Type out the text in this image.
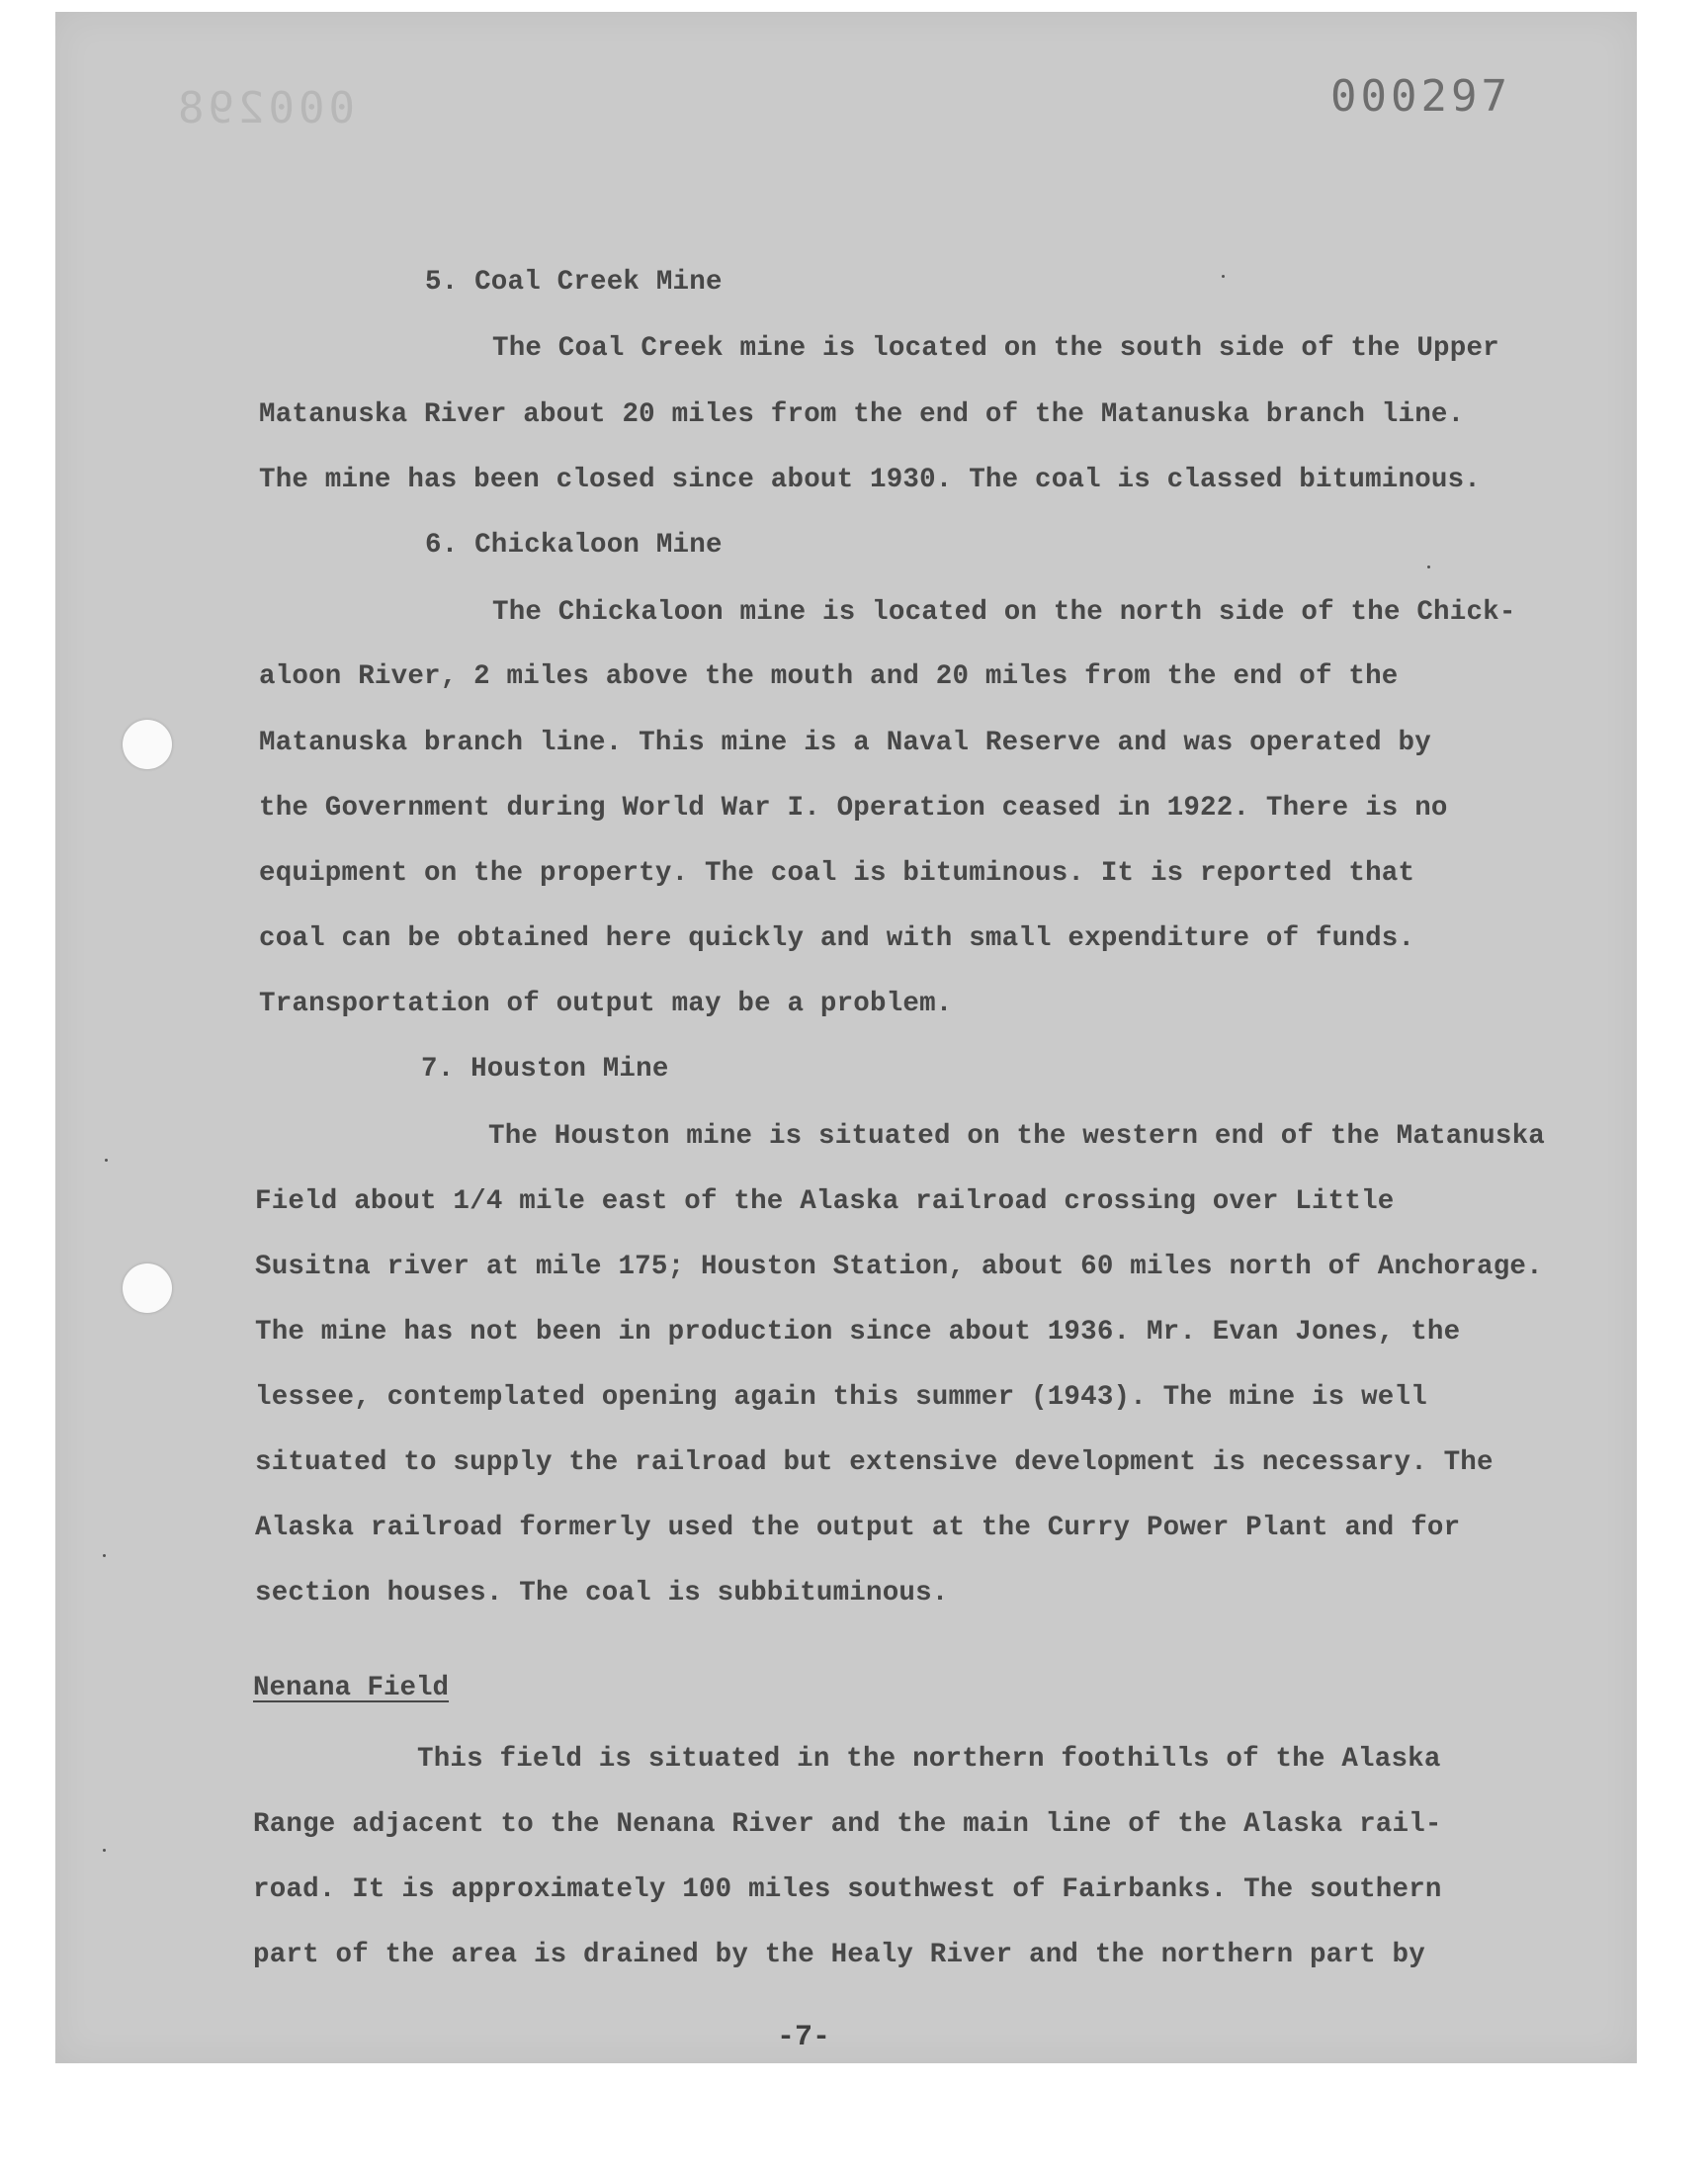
000298	000297
5. Coal Creek Mine
The Coal Creek mine is located on the south side of the Upper
Matanuska River about 20 miles from the end of the Matanuska branch line.
The mine has been closed since about 1930. The coal is classed bituminous.
6. Chickaloon Mine
The Chickaloon mine is located on the north side of the Chick-
aloon River, 2 miles above the mouth and 20 miles from the end of the
Matanuska branch line. This mine is a Naval Reserve and was operated by
the Government during World War I. Operation ceased in 1922. There is no
equipment on the property. The coal is bituminous. It is reported that
coal can be obtained here quickly and with small expenditure of funds.
Transportation of output may be a problem.
7. Houston Mine
The Houston mine is situated on the western end of the Matanuska
Field about 1/4 mile east of the Alaska railroad crossing over Little
Susitna river at mile 175; Houston Station, about 60 miles north of Anchorage.
The mine has not been in production since about 1936. Mr. Evan Jones, the
lessee, contemplated opening again this summer (1943). The mine is well
situated to supply the railroad but extensive development is necessary. The
Alaska railroad formerly used the output at the Curry Power Plant and for
section houses. The coal is subbituminous.
Nenana Field
This field is situated in the northern foothills of the Alaska
Range adjacent to the Nenana River and the main line of the Alaska rail-
road. It is approximately 100 miles southwest of Fairbanks. The southern
part of the area is drained by the Healy River and the northern part by
-7-
